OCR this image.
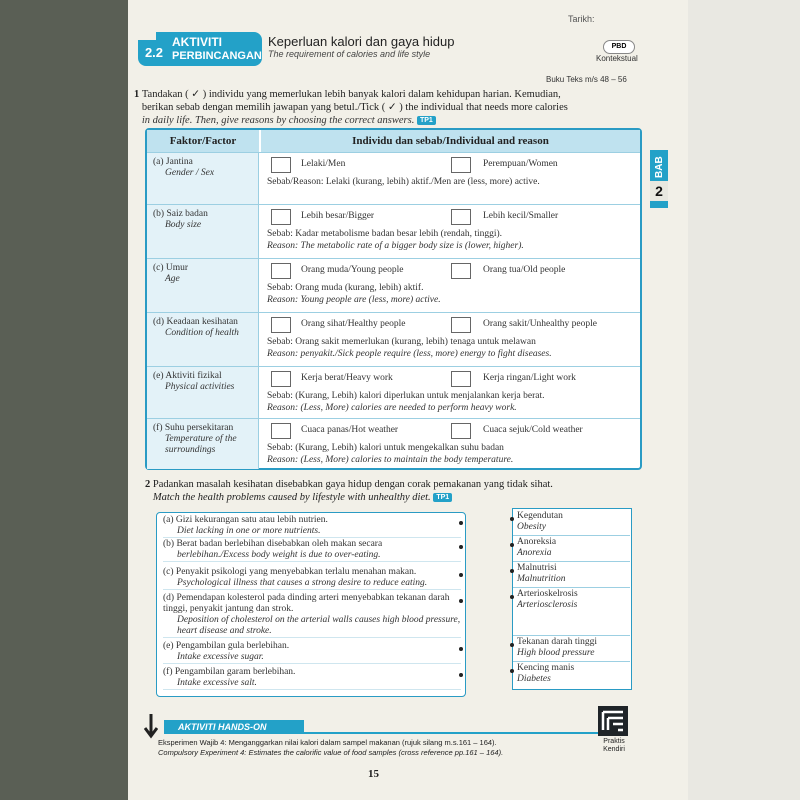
Tarikh:
AKTIVITI
PERBINCANGAN
2.2
Keperluan kalori dan gaya hidup
The requirement of calories and life style
PBD
Kontekstual
Buku Teks m/s 48 – 56
1 Tandakan ( ✓ ) individu yang memerlukan lebih banyak kalori dalam kehidupan harian. Kemudian,
berikan sebab dengan memilih jawapan yang betul./Tick ( ✓ ) the individual that needs more calories
in daily life. Then, give reasons by choosing the correct answers. TP1
Faktor/Factor	Individu dan sebab/Individual and reason
(a) Jantina
Gender / Sex
Lelaki/Men	Perempuan/Women
Sebab/Reason: Lelaki (kurang, lebih) aktif./Men are (less, more) active.
(b) Saiz badan
Body size
Lebih besar/Bigger	Lebih kecil/Smaller
Sebab: Kadar metabolisme badan besar lebih (rendah, tinggi).
Reason: The metabolic rate of a bigger body size is (lower, higher).
(c) Umur
Age
Orang muda/Young people	Orang tua/Old people
Sebab: Orang muda (kurang, lebih) aktif.
Reason: Young people are (less, more) active.
(d) Keadaan kesihatan
Condition of health
Orang sihat/Healthy people	Orang sakit/Unhealthy people
Sebab: Orang sakit memerlukan (kurang, lebih) tenaga untuk melawan
Reason: penyakit./Sick people require (less, more) energy to fight diseases.
(e) Aktiviti fizikal
Physical activities
Kerja berat/Heavy work	Kerja ringan/Light work
Sebab: (Kurang, Lebih) kalori diperlukan untuk menjalankan kerja berat.
Reason: (Less, More) calories are needed to perform heavy work.
(f) Suhu persekitaran
Temperature of the surroundings
Cuaca panas/Hot weather	Cuaca sejuk/Cold weather
Sebab: (Kurang, Lebih) kalori untuk mengekalkan suhu badan
Reason: (Less, More) calories to maintain the body temperature.
2 Padankan masalah kesihatan disebabkan gaya hidup dengan corak pemakanan yang tidak sihat.
Match the health problems caused by lifestyle with unhealthy diet. TP1
(a) Gizi kekurangan satu atau lebih nutrien.
Diet lacking in one or more nutrients.
(b) Berat badan berlebihan disebabkan oleh makan secara
berlebihan./Excess body weight is due to over-eating.
(c) Penyakit psikologi yang menyebabkan terlalu menahan makan.
Psychological illness that causes a strong desire to reduce eating.
(d) Pemendapan kolesterol pada dinding arteri menyebabkan tekanan darah tinggi, penyakit jantung dan strok.
Deposition of cholesterol on the arterial walls causes high blood pressure, heart disease and stroke.
(e) Pengambilan gula berlebihan.
Intake excessive sugar.
(f) Pengambilan garam berlebihan.
Intake excessive salt.
Kegendutan
Obesity
Anoreksia
Anorexia
Malnutrisi
Malnutrition
Arterioskelrosis
Arteriosclerosis
Tekanan darah tinggi
High blood pressure
Kencing manis
Diabetes
AKTIVITI HANDS-ON
Eksperimen Wajib 4: Menganggarkan nilai kalori dalam sampel makanan (rujuk silang m.s.161 – 164).
Compulsory Experiment 4: Estimates the calorific value of food samples (cross reference pp.161 – 164).
Praktis
Kendiri
BAB
2
15
